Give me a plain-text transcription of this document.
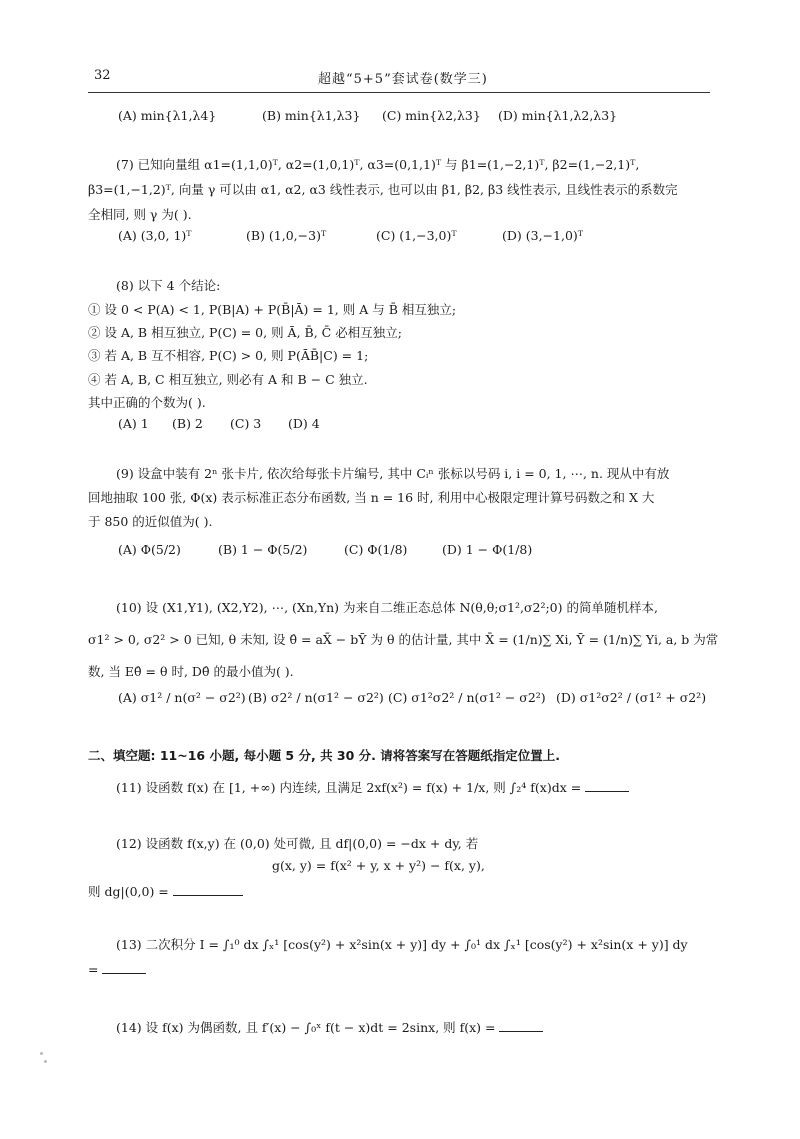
32	超越“5+5”套试卷(数学三)
(A) min{λ1,λ4}	(B) min{λ1,λ3} (C) min{λ2,λ3} (D) min{λ1,λ2,λ3}
(7) 已知向量组 α1=(1,1,0)ᵀ, α2=(1,0,1)ᵀ, α3=(0,1,1)ᵀ 与 β1=(1,−2,1)ᵀ, β2=(1,−2,1)ᵀ,
β3=(1,−1,2)ᵀ, 向量 γ 可以由 α1, α2, α3 线性表示, 也可以由 β1, β2, β3 线性表示, 且线性表示的系数完
全相同, 则 γ 为( ).
(A) (3,0, 1)ᵀ	(B) (1,0,−3)ᵀ	(C) (1,−3,0)ᵀ	(D) (3,−1,0)ᵀ
(8) 以下 4 个结论:
① 设 0 < P(A) < 1, P(B|A) + P(B̄|Ā) = 1, 则 A 与 B̄ 相互独立;
② 设 A, B 相互独立, P(C) = 0, 则 Ā, B̄, C̄ 必相互独立;
③ 若 A, B 互不相容, P(C) > 0, 则 P(ĀB̄|C) = 1;
④ 若 A, B, C 相互独立, 则必有 A 和 B − C 独立.
其中正确的个数为( ).
(A) 1 (B) 2 (C) 3 (D) 4
(9) 设盒中装有 2ⁿ 张卡片, 依次给每张卡片编号, 其中 Cᵢⁿ 张标以号码 i, i = 0, 1, ⋯, n. 现从中有放
回地抽取 100 张, Φ(x) 表示标准正态分布函数, 当 n = 16 时, 利用中心极限定理计算号码数之和 X 大
于 850 的近似值为( ).
(A) Φ(5/2)	(B) 1 − Φ(5/2)	(C) Φ(1/8)	(D) 1 − Φ(1/8)
(10) 设 (X1,Y1), (X2,Y2), ⋯, (Xn,Yn) 为来自二维正态总体 N(θ,θ;σ1²,σ2²;0) 的简单随机样本,
σ1² > 0, σ2² > 0 已知, θ 未知, 设 θ̂ = aX̄ − bȲ 为 θ 的估计量, 其中 X̄ = (1/n)∑ Xi, Ȳ = (1/n)∑ Yi, a, b 为常
数, 当 Eθ̂ = θ 时, Dθ̂ 的最小值为( ).
(A) σ1² / n(σ² − σ2²) (B) σ2² / n(σ1² − σ2²) (C) σ1²σ2² / n(σ1² − σ2²) (D) σ1²σ2² / (σ1² + σ2²)
二、填空题: 11~16 小题, 每小题 5 分, 共 30 分. 请将答案写在答题纸指定位置上.
(11) 设函数 f(x) 在 [1, +∞) 内连续, 且满足 2xf(x²) = f(x) + 1/x, 则 ∫₂⁴ f(x)dx =
(12) 设函数 f(x,y) 在 (0,0) 处可微, 且 df|(0,0) = −dx + dy, 若
g(x, y) = f(x² + y, x + y²) − f(x, y),
则 dg|(0,0) =
(13) 二次积分 I = ∫₁⁰ dx ∫ₓ¹ [cos(y²) + x²sin(x + y)] dy + ∫₀¹ dx ∫ₓ¹ [cos(y²) + x²sin(x + y)] dy
=
(14) 设 f(x) 为偶函数, 且 f′(x) − ∫₀ˣ f(t − x)dt = 2sinx, 则 f(x) =
